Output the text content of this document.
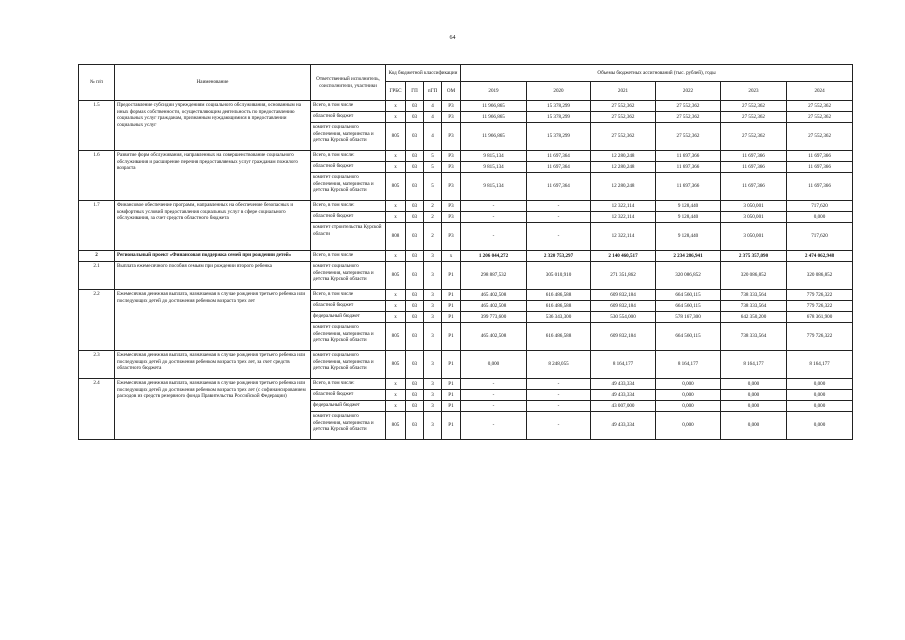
64
№ п/п	Наименование	Ответственный исполнитель, соисполнители, участники	Код бюджетной классификации				Объемы бюджетных ассигнований (тыс. рублей), годы					
			ГРБС	ГП	пГП	ОМ	2019	2020	2021	2022	2023	2024
1.5	Предоставление субсидии учреждениям социального обслуживания, основанным на иных формах собственности, осуществляющим деятельность по предоставлению социальных услуг гражданам, признанным нуждающимися в предоставлении социальных услуг	Всего, в том числе	х	03	4	Р3	11 966,865	15 378,299	27 552,362	27 552,362	27 552,362	27 552,362
		областной бюджет	х	03	4	Р3	11 966,865	15 378,299	27 552,362	27 552,362	27 552,362	27 552,362
		комитет социального обеспечения, материнства и детства Курской области	805	03	4	Р3	11 966,865	15 378,299	27 552,362	27 552,362	27 552,362	27 552,362
1.6	Развитие форм обслуживания, направленных на совершенствование социального обслуживания и расширение перечня предоставляемых услуг гражданам пожилого возраста	Всего, в том числе:	х	03	5	Р3	9 815,134	11 697,364	12 280,248	11 697,366	11 697,366	11 697,366
		областной бюджет	х	03	5	Р3	9 815,134	11 697,364	12 280,248	11 697,366	11 697,366	11 697,366
		комитет социального обеспечения, материнства и детства Курской области	805	03	5	Р3	9 815,134	11 697,364	12 280,248	11 697,366	11 697,366	11 697,366
1.7	Финансовое обеспечение программ, направленных на обеспечение безопасных и комфортных условий предоставления социальных услуг в сфере социального обслуживания, за счет средств областного бюджета	Всего, в том числе:	х	03	2	Р3	-	-	12 322,114	9 128,440	3 050,001	717,620
		областной бюджет	х	03	2	Р3	-	-	12 322,114	9 128,440	3 050,001	0,000
		комитет строительства Курской области	808	03	2	Р3	-	-	12 322,114	9 128,440	3 050,001	717,620
2	Региональный проект «Финансовая поддержка семей при рождении детей»	Всего, в том числе	х	03	3	х	1 206 044,272	2 320 753,297	2 140 460,517	2 234 286,941	2 375 357,090	2 474 062,948
2.1	Выплата ежемесячного пособия семьям при рождении второго ребенка	комитет социального обеспечения, материнства и детства Курской области	805	03	3	Р1	298 887,532	305 010,910	271 351,862	320 086,852	320 086,852	320 086,852
2.2	Ежемесячная денежная выплата, назначаемая в случае рождения третьего ребенка или последующих детей до достижения ребенком возраста трех лет	Всего, в том числе	х	03	3	Р1	465 402,508	616 486,588	609 832,184	664 560,115	738 333,564	779 726,322
		областной бюджет	х	03	3	Р1	465 402,508	616 486,588	609 832,184	664 560,115	738 333,564	779 726,322
		федеральный бюджет	х	03	3	Р1	399 773,600	536 343,300	530 554,000	578 167,300	642 350,200	678 361,900
		комитет социального обеспечения, материнства и детства Курской области	805	03	3	Р1	465 402,508	616 486,588	609 832,184	664 560,115	738 333,564	779 726,322
2.3	Ежемесячная денежная выплата, назначаемая в случае рождения третьего ребенка или последующих детей до достижения ребенком возраста трех лет, за счет средств областного бюджета	комитет социального обеспечения, материнства и детства Курской области	805	03	3	Р1	0,000	8 248,055	8 164,177	8 164,177	8 164,177	8 164,177
2.4	Ежемесячная денежная выплата, назначаемая в случае рождения третьего ребенка или последующих детей до достижения ребенком возраста трех лет (с софинансированием расходов из средств резервного фонда Правительства Российской Федерации)	Всего, в том числе:	х	03	3	Р1	-	-	49 433,334	0,000	0,000	0,000
		областной бюджет	х	03	3	Р1	-	-	49 433,334	0,000	0,000	0,000
		федеральный бюджет	х	03	3	Р1	-	-	43 007,000	0,000	0,000	0,000
		комитет социального обеспечения, материнства и детства Курской области	805	03	3	Р1	-	-	49 433,334	0,000	0,000	0,000
